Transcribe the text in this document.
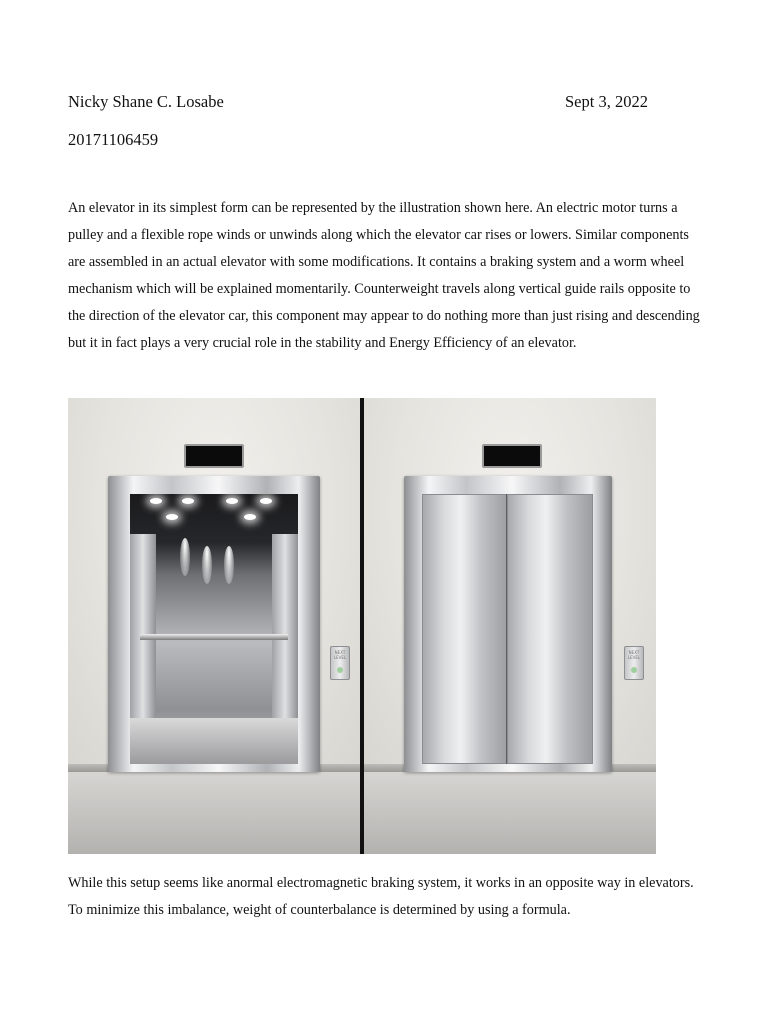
Nicky Shane C. Losabe	Sept 3, 2022
20171106459

An elevator in its simplest form can be represented by the illustration shown here. An electric motor turns a pulley and a flexible rope winds or unwinds along which the elevator car rises or lowers. Similar components are assembled in an actual elevator with some modifications. It contains a braking system and a worm wheel mechanism which will be explained momentarily. Counterweight travels along vertical guide rails opposite to the direction of the elevator car, this component may appear to do nothing more than just rising and descending but it in fact plays a very crucial role in the stability and Energy Efficiency of an elevator.

NEXT LEVEL
NEXT LEVEL

While this setup seems like anormal electromagnetic braking system, it works in an opposite way in elevators. To minimize this imbalance, weight of counterbalance is determined by using a formula.
